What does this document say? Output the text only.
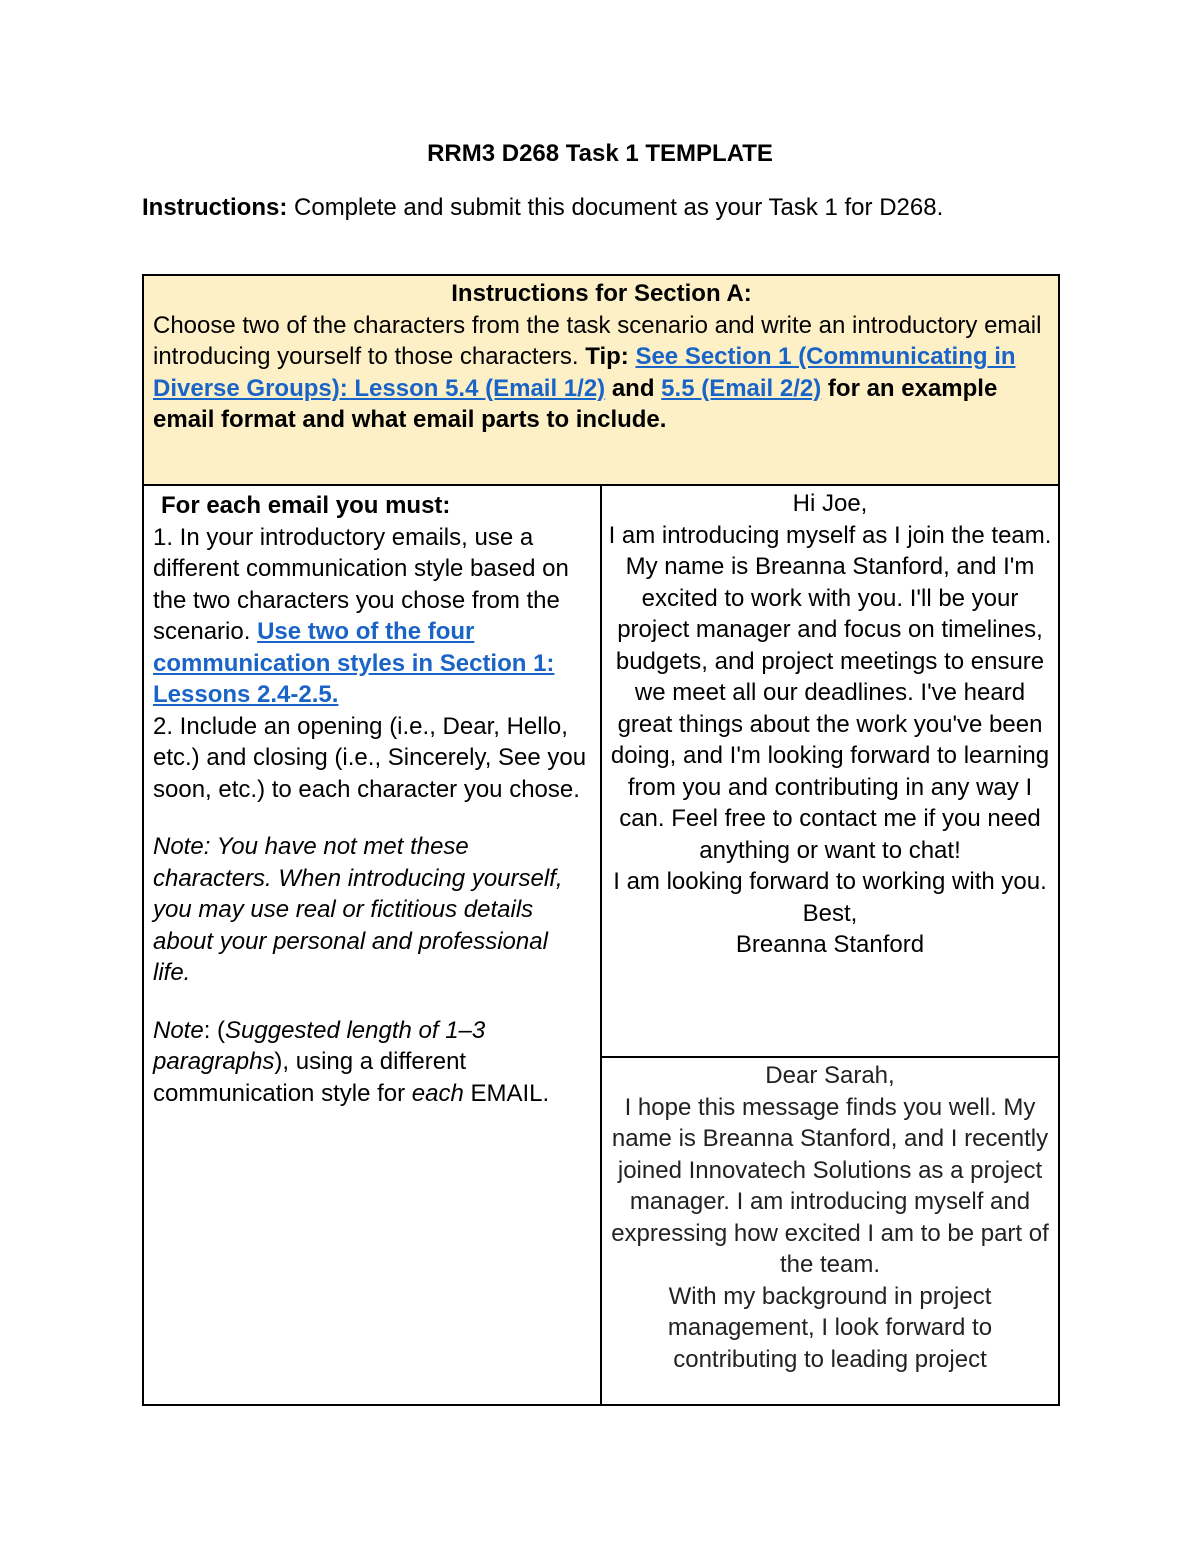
RRM3 D268 Task 1 TEMPLATE
Instructions: Complete and submit this document as your Task 1 for D268.
Instructions for Section A:
Choose two of the characters from the task scenario and write an introductory email introducing yourself to those characters. Tip: See Section 1 (Communicating in Diverse Groups): Lesson 5.4 (Email 1/2) and 5.5 (Email 2/2) for an example email format and what email parts to include.

For each email you must:

1. In your introductory emails, use a different communication style based on the two characters you chose from the scenario. Use two of the four communication styles in Section 1: Lessons 2.4-2.5.

2. Include an opening (i.e., Dear, Hello, etc.) and closing (i.e., Sincerely, See you soon, etc.) to each character you chose.

Note: You have not met these characters. When introducing yourself, you may use real or fictitious details about your personal and professional life.

Note: (Suggested length of 1–3 paragraphs), using a different communication style for each EMAIL.

Hi Joe,

I am introducing myself as I join the team. My name is Breanna Stanford, and I'm excited to work with you. I'll be your project manager and focus on timelines, budgets, and project meetings to ensure we meet all our deadlines. I've heard great things about the work you've been doing, and I'm looking forward to learning from you and contributing in any way I can. Feel free to contact me if you need anything or want to chat!

I am looking forward to working with you.

Best,

Breanna Stanford

Dear Sarah,

I hope this message finds you well. My name is Breanna Stanford, and I recently joined Innovatech Solutions as a project manager. I am introducing myself and expressing how excited I am to be part of the team.

With my background in project management, I look forward to contributing to leading project
